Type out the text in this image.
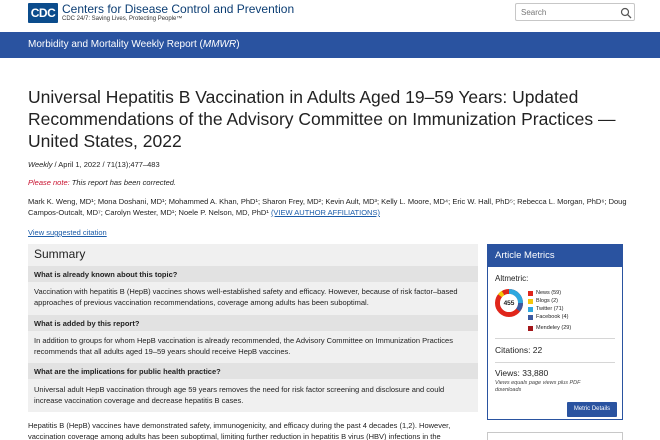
CDC Centers for Disease Control and Prevention
CDC 24/7: Saving Lives, Protecting People™
Search
Morbidity and Mortality Weekly Report (MMWR)
Universal Hepatitis B Vaccination in Adults Aged 19–59 Years: Updated Recommendations of the Advisory Committee on Immunization Practices — United States, 2022
Weekly / April 1, 2022 / 71(13);477–483
Please note: This report has been corrected.
Mark K. Weng, MD¹; Mona Doshani, MD¹; Mohammed A. Khan, PhD¹; Sharon Frey, MD²; Kevin Ault, MD³; Kelly L. Moore, MD⁴; Eric W. Hall, PhD⁵; Rebecca L. Morgan, PhD⁶; Doug Campos-Outcalt, MD⁷; Carolyn Wester, MD¹; Noele P. Nelson, MD, PhD¹ (VIEW AUTHOR AFFILIATIONS)
View suggested citation
Summary
What is already known about this topic?
Vaccination with hepatitis B (HepB) vaccines shows well-established safety and efficacy. However, because of risk factor–based approaches of previous vaccination recommendations, coverage among adults has been suboptimal.
What is added by this report?
In addition to groups for whom HepB vaccination is already recommended, the Advisory Committee on Immunization Practices recommends that all adults aged 19–59 years should receive HepB vaccines.
What are the implications for public health practice?
Universal adult HepB vaccination through age 59 years removes the need for risk factor screening and disclosure and could increase vaccination coverage and decrease hepatitis B cases.
Hepatitis B (HepB) vaccines have demonstrated safety, immunogenicity, and efficacy during the past 4 decades (1,2). However, vaccination coverage among adults has been suboptimal, limiting further reduction in hepatitis B virus (HBV) infections in the
Article Metrics
Altmetric:
455
News (59)
Blogs (2)
Twitter (71)
Facebook (4)
Mendeley (29)
Citations: 22
Views: 33,880
Views equals page views plus PDF downloads
Metric Details
